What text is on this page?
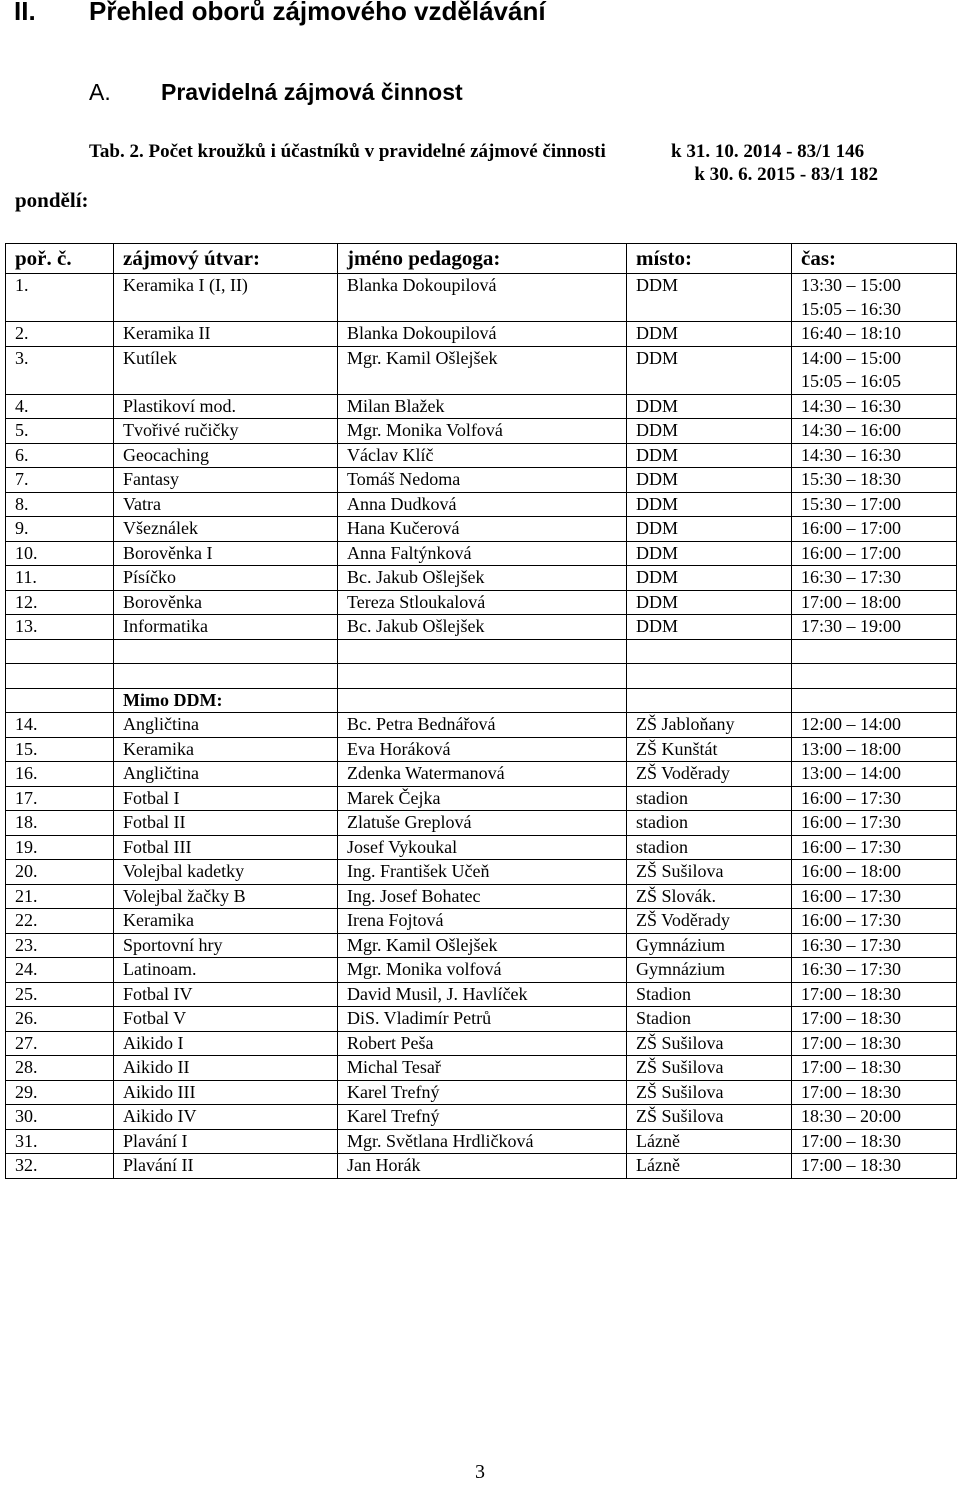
II. Přehled oborů zájmového vzdělávání
A. Pravidelná zájmová činnost
Tab. 2. Počet kroužků i účastníků v pravidelné zájmové činnosti	k 31. 10. 2014 - 83/1 146
k 30. 6. 2015 - 83/1 182
pondělí:
poř. č.	zájmový útvar:	jméno pedagoga:	místo:	čas:
1.	Keramika I (I, II)	Blanka Dokoupilová	DDM	13:30 – 15:00
15:05 – 16:30

2.	Keramika II	Blanka Dokoupilová	DDM	16:40 – 18:10

3.	Kutílek	Mgr. Kamil Ošlejšek	DDM	14:00 – 15:00
15:05 – 16:05

4.	Plastikoví mod.	Milan Blažek	DDM	14:30 – 16:30

5.	Tvořivé ručičky	Mgr. Monika Volfová	DDM	14:30 – 16:00

6.	Geocaching	Václav Klíč	DDM	14:30 – 16:30

7.	Fantasy	Tomáš Nedoma	DDM	15:30 – 18:30

8.	Vatra	Anna Dudková	DDM	15:30 – 17:00

9.	Všeználek	Hana Kučerová	DDM	16:00 – 17:00

10.	Borověnka I	Anna Faltýnková	DDM	16:00 – 17:00

11.	Písíčko	Bc. Jakub Ošlejšek	DDM	16:30 – 17:30

12.	Borověnka	Tereza Stloukalová	DDM	17:00 – 18:00

13.	Informatika	Bc. Jakub Ošlejšek	DDM	17:30 – 19:00

	Mimo DDM:			
14.	Angličtina	Bc. Petra Bednářová	ZŠ Jabloňany	12:00 – 14:00

15.	Keramika	Eva Horáková	ZŠ Kunštát	13:00 – 18:00

16.	Angličtina	Zdenka Watermanová	ZŠ Voděrady	13:00 – 14:00

17.	Fotbal I	Marek Čejka	stadion	16:00 – 17:30

18.	Fotbal II	Zlatuše Greplová	stadion	16:00 – 17:30

19.	Fotbal III	Josef Vykoukal	stadion	16:00 – 17:30

20.	Volejbal kadetky	Ing. František Učeň	ZŠ Sušilova	16:00 – 18:00

21.	Volejbal žačky B	Ing. Josef Bohatec	ZŠ Slovák.	16:00 – 17:30

22.	Keramika	Irena Fojtová	ZŠ Voděrady	16:00 – 17:30

23.	Sportovní hry	Mgr. Kamil Ošlejšek	Gymnázium	16:30 – 17:30

24.	Latinoam.	Mgr. Monika volfová	Gymnázium	16:30 – 17:30

25.	Fotbal IV	David Musil, J. Havlíček	Stadion	17:00 – 18:30

26.	Fotbal V	DiS. Vladimír Petrů	Stadion	17:00 – 18:30

27.	Aikido I	Robert Peša	ZŠ Sušilova	17:00 – 18:30

28.	Aikido II	Michal Tesař	ZŠ Sušilova	17:00 – 18:30

29.	Aikido III	Karel Trefný	ZŠ Sušilova	17:00 – 18:30

30.	Aikido IV	Karel Trefný	ZŠ Sušilova	18:30 – 20:00

31.	Plavání I	Mgr. Světlana Hrdličková	Lázně	17:00 – 18:30

32.	Plavání II	Jan Horák	Lázně	17:00 – 18:30
3
